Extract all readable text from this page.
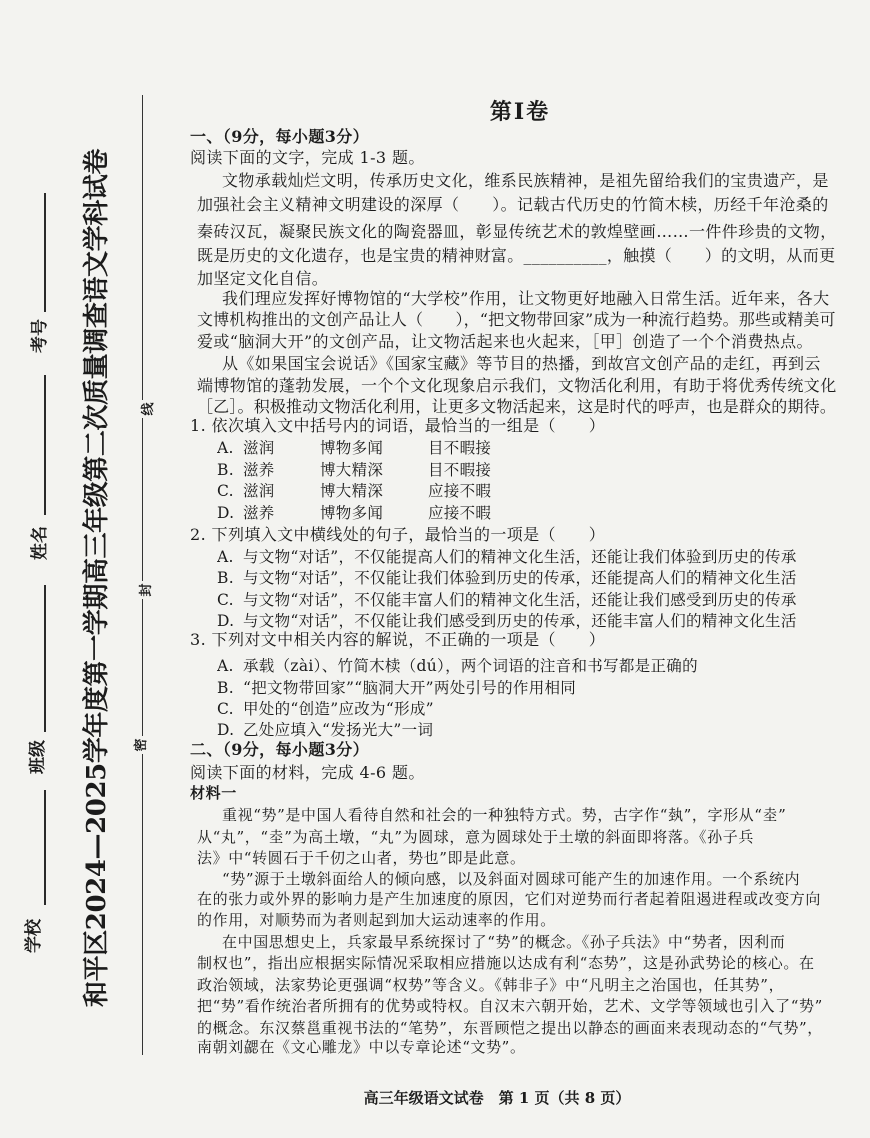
和平区2024—2025学年度第一学期高三年级第二次质量调查语文学科试卷
学校
班级
姓名
考号
线
封
密
第Ⅰ卷
一、（9分，每小题3分）
阅读下面的文字，完成 1-3 题。
文物承载灿烂文明，传承历史文化，维系民族精神，是祖先留给我们的宝贵遗产，是
加强社会主义精神文明建设的深厚（　　）。记载古代历史的竹简木椟，历经千年沧桑的
秦砖汉瓦，凝聚民族文化的陶瓷器皿，彰显传统艺术的敦煌壁画……一件件珍贵的文物，
既是历史的文化遗存，也是宝贵的精神财富。__________，触摸（　　）的文明，从而更
加坚定文化自信。
我们理应发挥好博物馆的“大学校”作用，让文物更好地融入日常生活。近年来，各大
文博机构推出的文创产品让人（　　），“把文物带回家”成为一种流行趋势。那些或精美可
爱或“脑洞大开”的文创产品，让文物活起来也火起来，［甲］创造了一个个消费热点。
从《如果国宝会说话》《国家宝藏》等节目的热播，到故宫文创产品的走红，再到云
端博物馆的蓬勃发展，一个个文化现象启示我们，文物活化利用，有助于将优秀传统文化
［乙］。积极推动文物活化利用，让更多文物活起来，这是时代的呼声，也是群众的期待。
1. 依次填入文中括号内的词语，最恰当的一组是（　　）
A. 滋润	博物多闻	目不暇接
B. 滋养	博大精深	目不暇接
C. 滋润	博大精深	应接不暇
D. 滋养	博物多闻	应接不暇
2. 下列填入文中横线处的句子，最恰当的一项是（　　）
A. 与文物“对话”，不仅能提高人们的精神文化生活，还能让我们体验到历史的传承
B. 与文物“对话”，不仅能让我们体验到历史的传承，还能提高人们的精神文化生活
C. 与文物“对话”，不仅能丰富人们的精神文化生活，还能让我们感受到历史的传承
D. 与文物“对话”，不仅能让我们感受到历史的传承，还能丰富人们的精神文化生活
3. 下列对文中相关内容的解说，不正确的一项是（　　）
A. 承载（zài）、竹简木椟（dú），两个词语的注音和书写都是正确的
B. “把文物带回家”“脑洞大开”两处引号的作用相同
C. 甲处的“创造”应改为“形成”
D. 乙处应填入“发扬光大”一词
二、（9分，每小题3分）
阅读下面的材料，完成 4-6 题。
材料一
重视“势”是中国人看待自然和社会的一种独特方式。势，古字作“埶”，字形从“坴”
从“丸”，“坴”为高土墩，“丸”为圆球，意为圆球处于土墩的斜面即将落。《孙子兵
法》中“转圆石于千仞之山者，势也”即是此意。
“势”源于土墩斜面给人的倾向感，以及斜面对圆球可能产生的加速作用。一个系统内
在的张力或外界的影响力是产生加速度的原因，它们对逆势而行者起着阻遏进程或改变方向
的作用，对顺势而为者则起到加大运动速率的作用。
在中国思想史上，兵家最早系统探讨了“势”的概念。《孙子兵法》中“势者，因利而
制权也”，指出应根据实际情况采取相应措施以达成有利“态势”，这是孙武势论的核心。在
政治领域，法家势论更强调“权势”等含义。《韩非子》中“凡明主之治国也，任其势”，
把“势”看作统治者所拥有的优势或特权。自汉末六朝开始，艺术、文学等领域也引入了“势”
的概念。东汉蔡邕重视书法的“笔势”，东晋顾恺之提出以静态的画面来表现动态的“气势”，
南朝刘勰在《文心雕龙》中以专章论述“文势”。
高三年级语文试卷　第 1 页（共 8 页）
